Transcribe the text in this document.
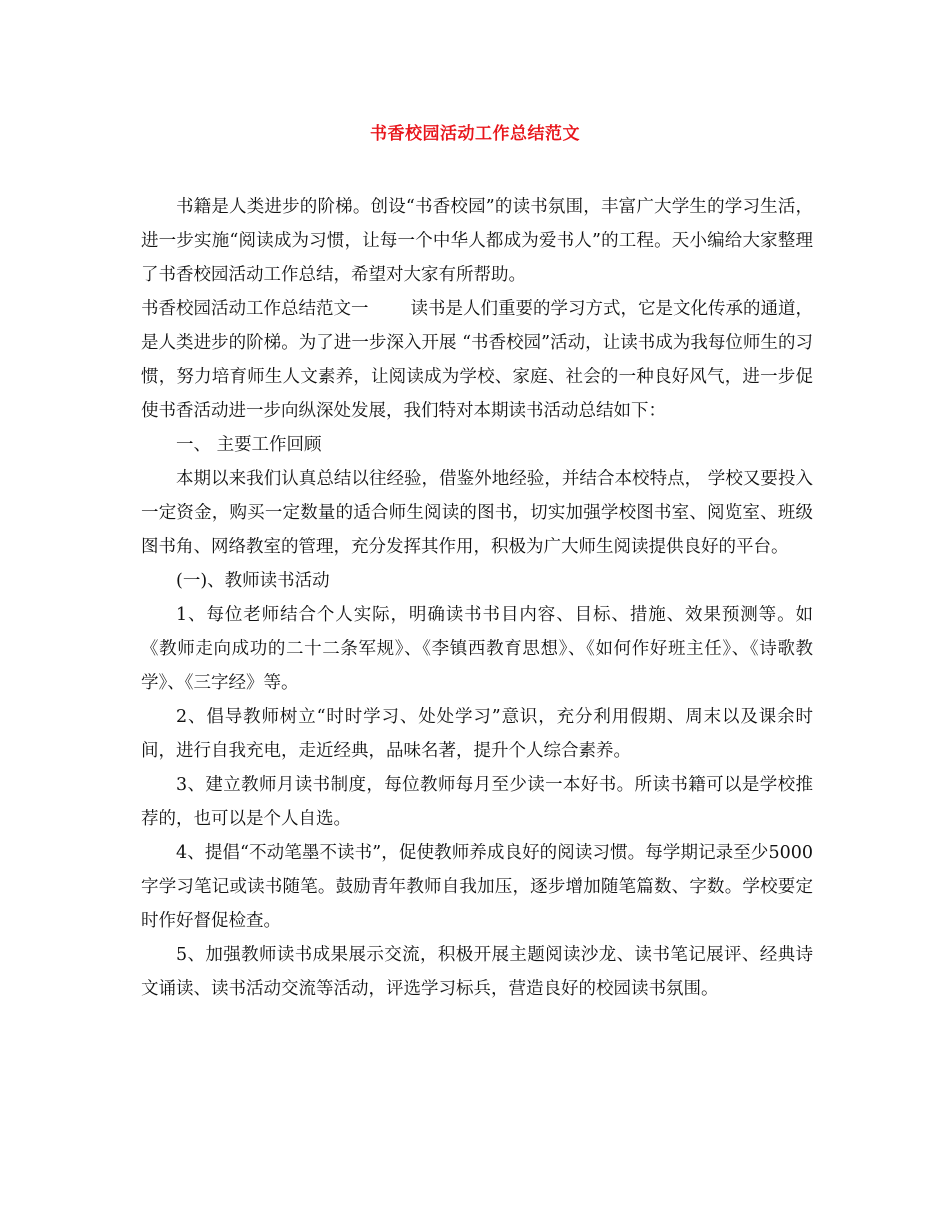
书香校园活动工作总结范文

书籍是人类进步的阶梯。创设“书香校园”的读书氛围，丰富广大学生的学习生活，进一步实施“阅读成为习惯，让每一个中华人都成为爱书人”的工程。天小编给大家整理了书香校园活动工作总结，希望对大家有所帮助。

书香校园活动工作总结范文一 读书是人们重要的学习方式，它是文化传承的通道，是人类进步的阶梯。为了进一步深入开展 “书香校园”活动，让读书成为我每位师生的习惯，努力培育师生人文素养，让阅读成为学校、家庭、社会的一种良好风气，进一步促使书香活动进一步向纵深处发展，我们特对本期读书活动总结如下：

一、 主要工作回顾

本期以来我们认真总结以往经验，借鉴外地经验，并结合本校特点， 学校又要投入一定资金，购买一定数量的适合师生阅读的图书，切实加强学校图书室、阅览室、班级图书角、网络教室的管理，充分发挥其作用，积极为广大师生阅读提供良好的平台。

(一)、教师读书活动

1、每位老师结合个人实际，明确读书书目内容、目标、措施、效果预测等。如《教师走向成功的二十二条军规》、《李镇西教育思想》、《如何作好班主任》、《诗歌教学》、《三字经》等。

2、倡导教师树立“时时学习、处处学习”意识，充分利用假期、周末以及课余时间，进行自我充电，走近经典，品味名著，提升个人综合素养。

3、建立教师月读书制度，每位教师每月至少读一本好书。所读书籍可以是学校推荐的，也可以是个人自选。

4、提倡“不动笔墨不读书”，促使教师养成良好的阅读习惯。每学期记录至少5000字学习笔记或读书随笔。鼓励青年教师自我加压，逐步增加随笔篇数、字数。学校要定时作好督促检查。

5、加强教师读书成果展示交流，积极开展主题阅读沙龙、读书笔记展评、经典诗文诵读、读书活动交流等活动，评选学习标兵，营造良好的校园读书氛围。
